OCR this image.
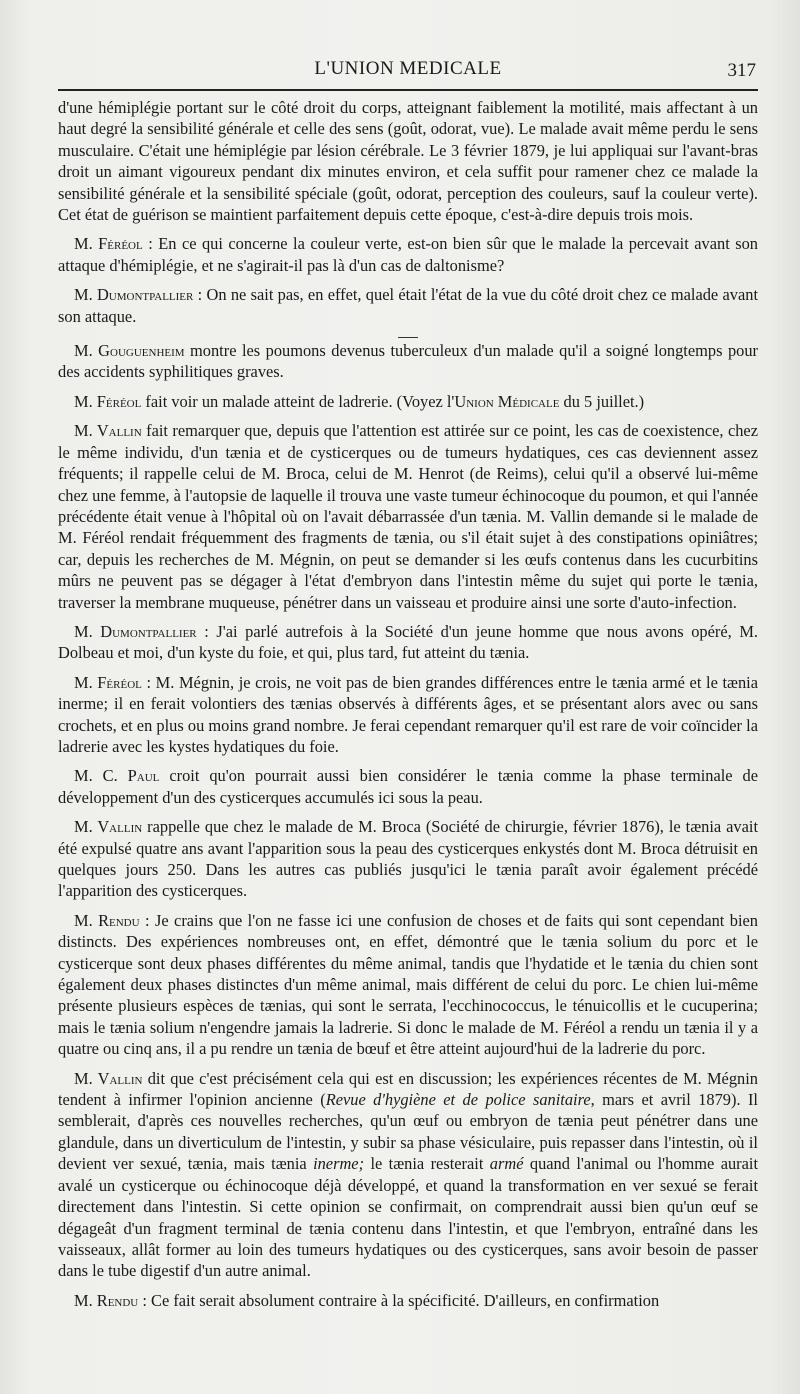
L'UNION MEDICALE	317

d'une hémiplégie portant sur le côté droit du corps, atteignant faiblement la motilité, mais affectant à un haut degré la sensibilité générale et celle des sens (goût, odorat, vue). Le malade avait même perdu le sens musculaire. C'était une hémiplégie par lésion cérébrale. Le 3 février 1879, je lui appliquai sur l'avant-bras droit un aimant vigoureux pendant dix minutes environ, et cela suffit pour ramener chez ce malade la sensibilité générale et la sensibilité spéciale (goût, odorat, perception des couleurs, sauf la couleur verte). Cet état de guérison se maintient parfaitement depuis cette époque, c'est-à-dire depuis trois mois.

M. Féréol : En ce qui concerne la couleur verte, est-on bien sûr que le malade la percevait avant son attaque d'hémiplégie, et ne s'agirait-il pas là d'un cas de daltonisme?

M. Dumontpallier : On ne sait pas, en effet, quel était l'état de la vue du côté droit chez ce malade avant son attaque.

M. Gouguenheim montre les poumons devenus tuberculeux d'un malade qu'il a soigné longtemps pour des accidents syphilitiques graves.

M. Féréol fait voir un malade atteint de ladrerie. (Voyez l'Union Médicale du 5 juillet.)

M. Vallin fait remarquer que, depuis que l'attention est attirée sur ce point, les cas de coexistence, chez le même individu, d'un tænia et de cysticerques ou de tumeurs hydatiques, ces cas deviennent assez fréquents; il rappelle celui de M. Broca, celui de M. Henrot (de Reims), celui qu'il a observé lui-même chez une femme, à l'autopsie de laquelle il trouva une vaste tumeur échinocoque du poumon, et qui l'année précédente était venue à l'hôpital où on l'avait débarrassée d'un tænia. M. Vallin demande si le malade de M. Féréol rendait fréquemment des fragments de tænia, ou s'il était sujet à des constipations opiniâtres; car, depuis les recherches de M. Mégnin, on peut se demander si les œufs contenus dans les cucurbitins mûrs ne peuvent pas se dégager à l'état d'embryon dans l'intestin même du sujet qui porte le tænia, traverser la membrane muqueuse, pénétrer dans un vaisseau et produire ainsi une sorte d'auto-infection.

M. Dumontpallier : J'ai parlé autrefois à la Société d'un jeune homme que nous avons opéré, M. Dolbeau et moi, d'un kyste du foie, et qui, plus tard, fut atteint du tænia.

M. Féréol : M. Mégnin, je crois, ne voit pas de bien grandes différences entre le tænia armé et le tænia inerme; il en ferait volontiers des tænias observés à différents âges, et se présentant alors avec ou sans crochets, et en plus ou moins grand nombre. Je ferai cependant remarquer qu'il est rare de voir coïncider la ladrerie avec les kystes hydatiques du foie.

M. C. Paul croit qu'on pourrait aussi bien considérer le tænia comme la phase terminale de développement d'un des cysticerques accumulés ici sous la peau.

M. Vallin rappelle que chez le malade de M. Broca (Société de chirurgie, février 1876), le tænia avait été expulsé quatre ans avant l'apparition sous la peau des cysticerques enkystés dont M. Broca détruisit en quelques jours 250. Dans les autres cas publiés jusqu'ici le tænia paraît avoir également précédé l'apparition des cysticerques.

M. Rendu : Je crains que l'on ne fasse ici une confusion de choses et de faits qui sont cependant bien distincts. Des expériences nombreuses ont, en effet, démontré que le tænia solium du porc et le cysticerque sont deux phases différentes du même animal, tandis que l'hydatide et le tænia du chien sont également deux phases distinctes d'un même animal, mais différent de celui du porc. Le chien lui-même présente plusieurs espèces de tænias, qui sont le serrata, l'ecchinococcus, le ténuicollis et le cucuperina; mais le tænia solium n'engendre jamais la ladrerie. Si donc le malade de M. Féréol a rendu un tænia il y a quatre ou cinq ans, il a pu rendre un tænia de bœuf et être atteint aujourd'hui de la ladrerie du porc.

M. Vallin dit que c'est précisément cela qui est en discussion; les expériences récentes de M. Mégnin tendent à infirmer l'opinion ancienne (Revue d'hygiène et de police sanitaire, mars et avril 1879). Il semblerait, d'après ces nouvelles recherches, qu'un œuf ou embryon de tænia peut pénétrer dans une glandule, dans un diverticulum de l'intestin, y subir sa phase vésiculaire, puis repasser dans l'intestin, où il devient ver sexué, tænia, mais tænia inerme; le tænia resterait armé quand l'animal ou l'homme aurait avalé un cysticerque ou échinocoque déjà développé, et quand la transformation en ver sexué se ferait directement dans l'intestin. Si cette opinion se confirmait, on comprendrait aussi bien qu'un œuf se dégageât d'un fragment terminal de tænia contenu dans l'intestin, et que l'embryon, entraîné dans les vaisseaux, allât former au loin des tumeurs hydatiques ou des cysticerques, sans avoir besoin de passer dans le tube digestif d'un autre animal.

M. Rendu : Ce fait serait absolument contraire à la spécificité. D'ailleurs, en confirmation
